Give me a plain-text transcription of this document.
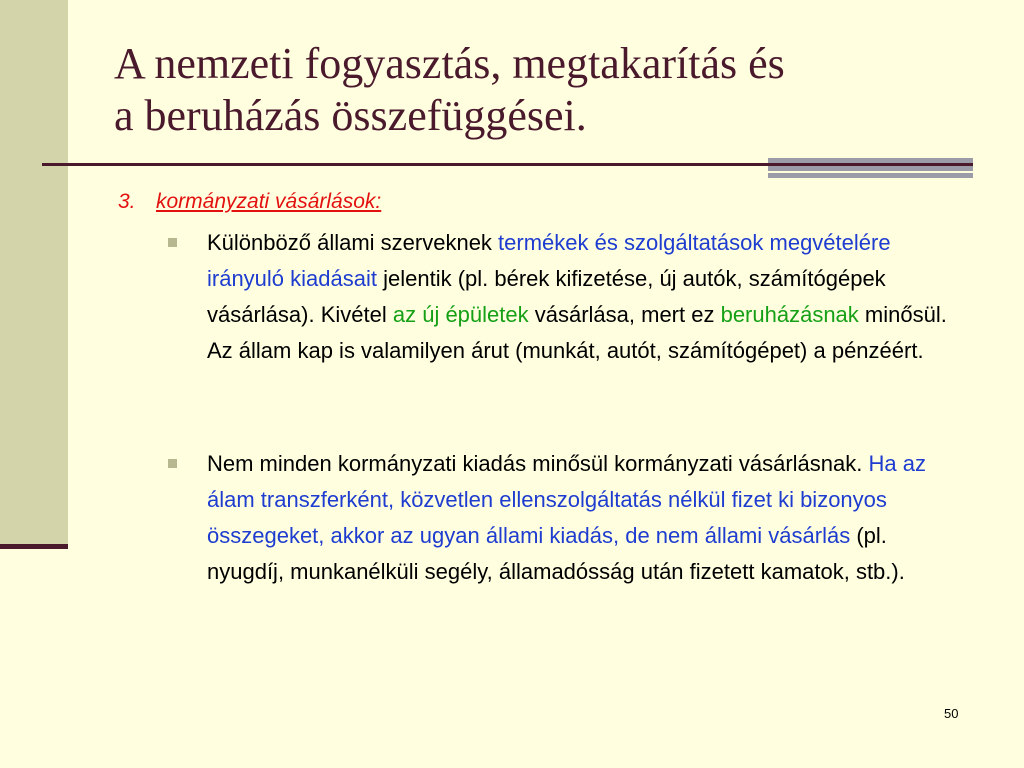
A nemzeti fogyasztás, megtakarítás és
a beruházás összefüggései.
3. kormányzati vásárlások:
Különböző állami szerveknek termékek és szolgáltatások megvételére irányuló kiadásait jelentik (pl. bérek kifizetése, új autók, számítógépek vásárlása). Kivétel az új épületek vásárlása, mert ez beruházásnak minősül. Az állam kap is valamilyen árut (munkát, autót, számítógépet) a pénzéért.
Nem minden kormányzati kiadás minősül kormányzati vásárlásnak. Ha az álam transzferként, közvetlen ellenszolgáltatás nélkül fizet ki bizonyos összegeket, akkor az ugyan állami kiadás, de nem állami vásárlás (pl. nyugdíj, munkanélküli segély, államadósság után fizetett kamatok, stb.).
50
